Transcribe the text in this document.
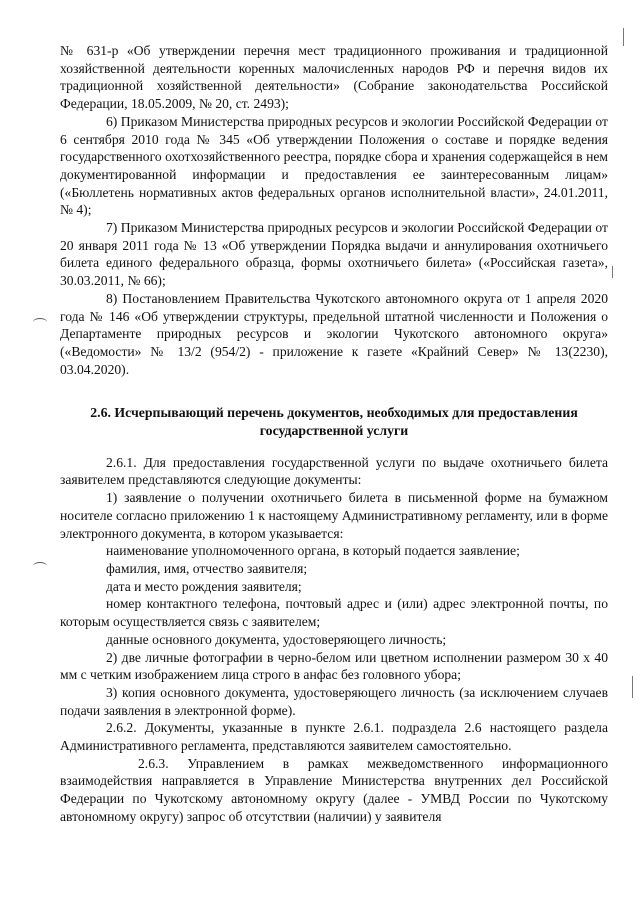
№ 631-р «Об утверждении перечня мест традиционного проживания и традиционной хозяйственной деятельности коренных малочисленных народов РФ и перечня видов их традиционной хозяйственной деятельности» (Собрание законодательства Российской Федерации, 18.05.2009, № 20, ст. 2493);

6) Приказом Министерства природных ресурсов и экологии Российской Федерации от 6 сентября 2010 года № 345 «Об утверждении Положения о составе и порядке ведения государственного охотхозяйственного реестра, порядке сбора и хранения содержащейся в нем документированной информации и предоставления ее заинтересованным лицам» («Бюллетень нормативных актов федеральных органов исполнительной власти», 24.01.2011, № 4);

7) Приказом Министерства природных ресурсов и экологии Российской Федерации от 20 января 2011 года № 13 «Об утверждении Порядка выдачи и аннулирования охотничьего билета единого федерального образца, формы охотничьего билета» («Российская газета», 30.03.2011, № 66);

8) Постановлением Правительства Чукотского автономного округа от 1 апреля 2020 года № 146 «Об утверждении структуры, предельной штатной численности и Положения о Департаменте природных ресурсов и экологии Чукотского автономного округа» («Ведомости» № 13/2 (954/2) - приложение к газете «Крайний Север» № 13(2230), 03.04.2020).

2.6. Исчерпывающий перечень документов, необходимых для предоставления государственной услуги

2.6.1. Для предоставления государственной услуги по выдаче охотничьего билета заявителем представляются следующие документы:

1) заявление о получении охотничьего билета в письменной форме на бумажном носителе согласно приложению 1 к настоящему Административному регламенту, или в форме электронного документа, в котором указывается:

наименование уполномоченного органа, в который подается заявление;

фамилия, имя, отчество заявителя;

дата и место рождения заявителя;

номер контактного телефона, почтовый адрес и (или) адрес электронной почты, по которым осуществляется связь с заявителем;

данные основного документа, удостоверяющего личность;

2) две личные фотографии в черно-белом или цветном исполнении размером 30 х 40 мм с четким изображением лица строго в анфас без головного убора;

3) копия основного документа, удостоверяющего личность (за исключением случаев подачи заявления в электронной форме).

2.6.2. Документы, указанные в пункте 2.6.1. подраздела 2.6 настоящего раздела Административного регламента, представляются заявителем самостоятельно.

2.6.3. Управлением в рамках межведомственного информационного взаимодействия направляется в Управление Министерства внутренних дел Российской Федерации по Чукотскому автономному округу (далее - УМВД России по Чукотскому автономному округу) запрос об отсутствии (наличии) у заявителя
